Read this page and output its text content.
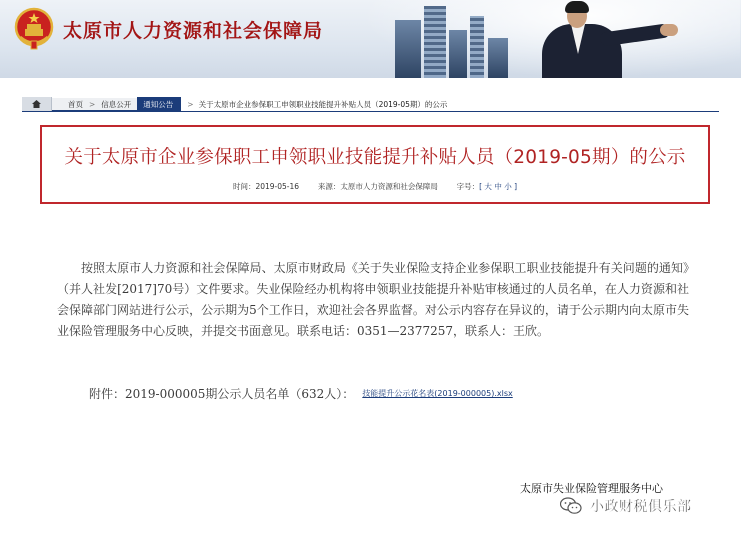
太原市人力资源和社会保障局
首页 > 信息公开 通知公告 > 关于太原市企业参保职工申领职业技能提升补贴人员（2019-05期）的公示
关于太原市企业参保职工申领职业技能提升补贴人员（2019-05期）的公示
时间：2019-05-16	来源：太原市人力资源和社会保障局	字号：[ 大 中 小 ]

按照太原市人力资源和社会保障局、太原市财政局《关于失业保险支持企业参保职工职业技能提升有关问题的通知》（并人社发[2017]70号）文件要求。失业保险经办机构将申领职业技能提升补贴审核通过的人员名单，在人力资源和社会保障部门网站进行公示，公示期为5个工作日，欢迎社会各界监督。对公示内容存在异议的，请于公示期内向太原市失业保险管理服务中心反映，并提交书面意见。联系电话：0351—2377257，联系人：王欣。

附件：2019-000005期公示人员名单（632人）： 技能提升公示花名表(2019-000005).xlsx
太原市失业保险管理服务中心
小政财税俱乐部
